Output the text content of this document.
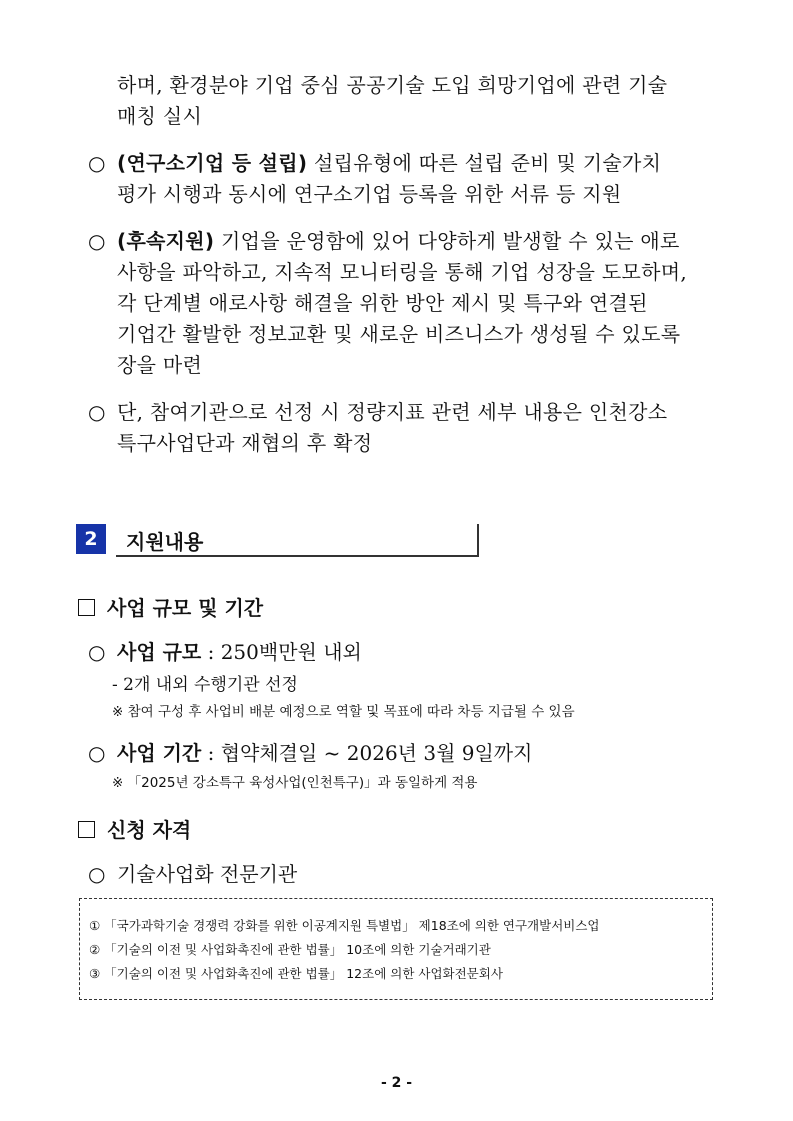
하며, 환경분야 기업 중심 공공기술 도입 희망기업에 관련 기술
매칭 실시
○ (연구소기업 등 설립) 설립유형에 따른 설립 준비 및 기술가치
평가 시행과 동시에 연구소기업 등록을 위한 서류 등 지원
○ (후속지원) 기업을 운영함에 있어 다양하게 발생할 수 있는 애로
사항을 파악하고, 지속적 모니터링을 통해 기업 성장을 도모하며,
각 단계별 애로사항 해결을 위한 방안 제시 및 특구와 연결된
기업간 활발한 정보교환 및 새로운 비즈니스가 생성될 수 있도록
장을 마련
○ 단, 참여기관으로 선정 시 정량지표 관련 세부 내용은 인천강소
특구사업단과 재협의 후 확정
2	지원내용
사업 규모 및 기간
○ 사업 규모 : 250백만원 내외
- 2개 내외 수행기관 선정
※ 참여 구성 후 사업비 배분 예정으로 역할 및 목표에 따라 차등 지급될 수 있음
○ 사업 기간 : 협약체결일 ~ 2026년 3월 9일까지
※ 「2025년 강소특구 육성사업(인천특구)」과 동일하게 적용
신청 자격
○ 기술사업화 전문기관
① 「국가과학기술 경쟁력 강화를 위한 이공계지원 특별법」 제18조에 의한 연구개발서비스업
② 「기술의 이전 및 사업화촉진에 관한 법률」 10조에 의한 기술거래기관
③ 「기술의 이전 및 사업화촉진에 관한 법률」 12조에 의한 사업화전문회사
- 2 -
